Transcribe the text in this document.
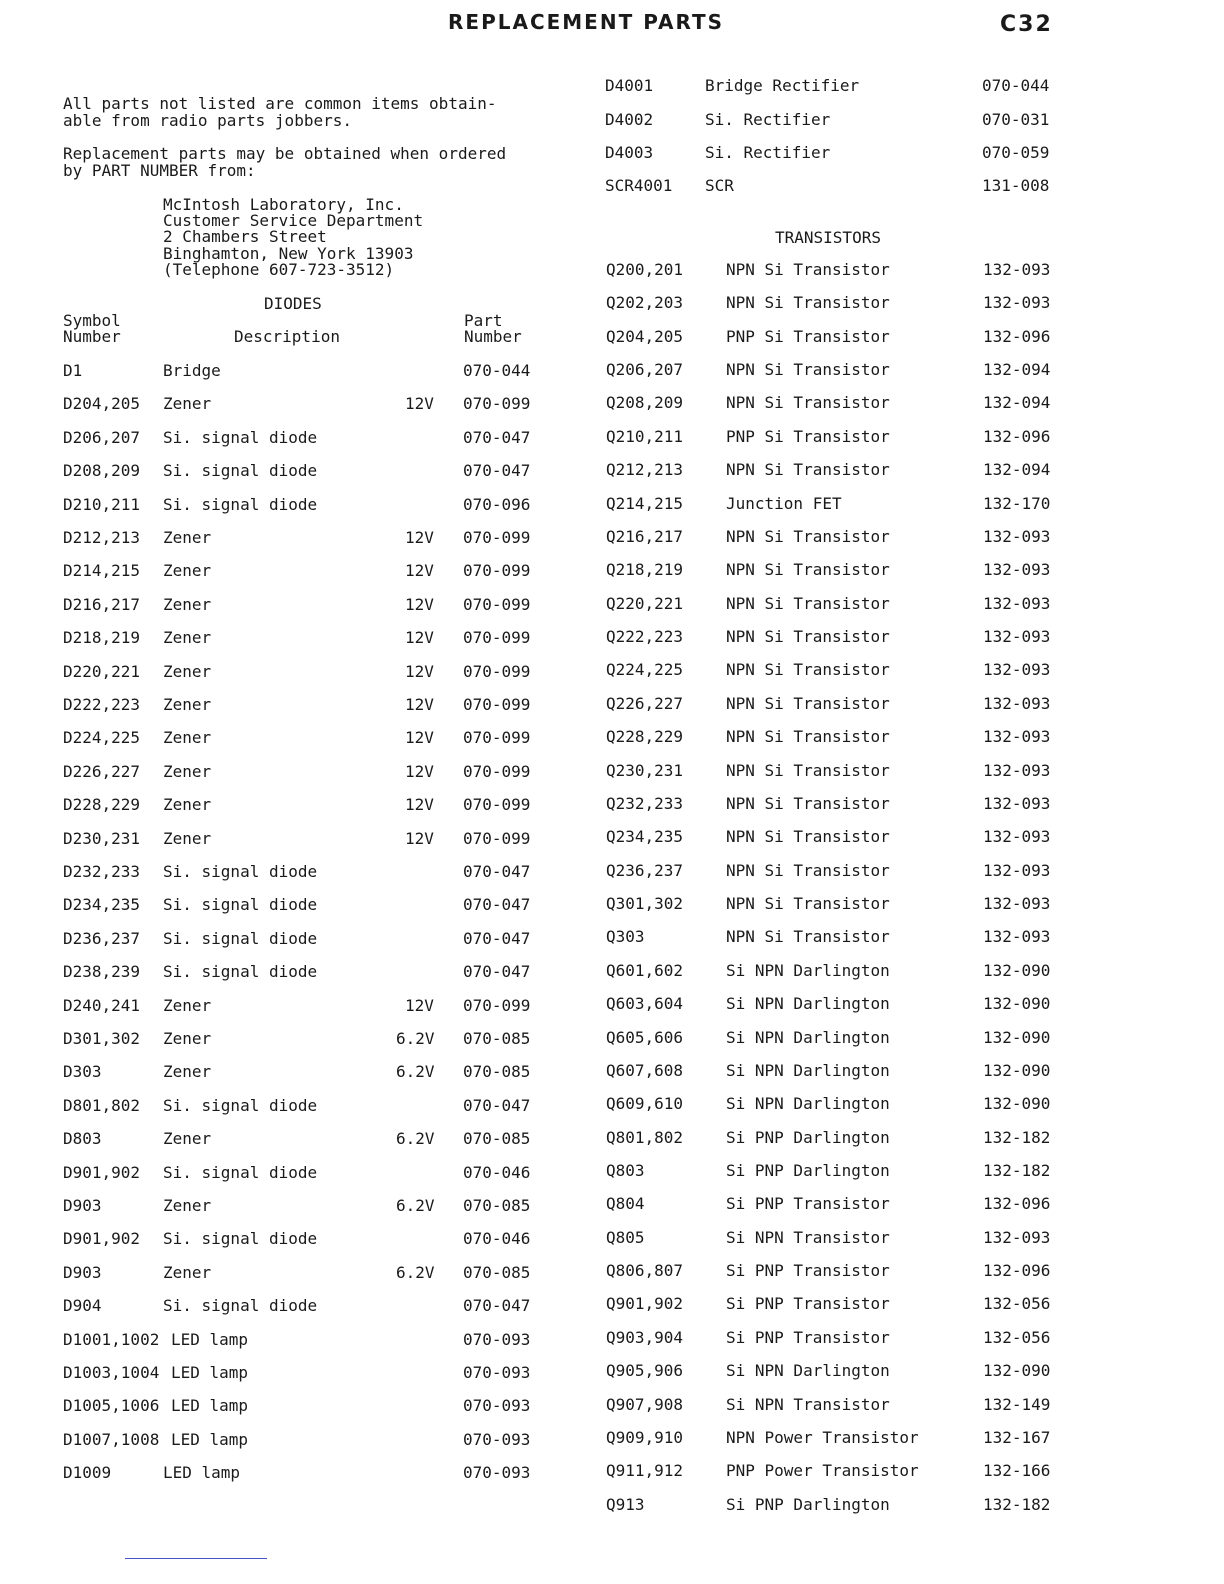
REPLACEMENT PARTS	C32
All parts not listed are common items obtain-
able from radio parts jobbers.
Replacement parts may be obtained when ordered
by PART NUMBER from:
McIntosh Laboratory, Inc.
Customer Service Department
2 Chambers Street
Binghamton, New York 13903
(Telephone 607-723-3512)
DIODES
Symbol
Number	Description
Part
Number
D1	Bridge	070-044
D204,205 Zener	12V 070-099
D206,207 Si. signal diode	070-047
D208,209 Si. signal diode	070-047
D210,211 Si. signal diode	070-096
D212,213 Zener	12V 070-099
D214,215 Zener	12V 070-099
D216,217 Zener	12V 070-099
D218,219 Zener	12V 070-099
D220,221 Zener	12V 070-099
D222,223 Zener	12V 070-099
D224,225 Zener	12V 070-099
D226,227 Zener	12V 070-099
D228,229 Zener	12V 070-099
D230,231 Zener	12V 070-099
D232,233 Si. signal diode	070-047
D234,235 Si. signal diode	070-047
D236,237 Si. signal diode	070-047
D238,239 Si. signal diode	070-047
D240,241 Zener	12V 070-099
D301,302 Zener	6.2V 070-085
D303	Zener	6.2V 070-085
D801,802 Si. signal diode	070-047
D803	Zener	6.2V 070-085
D901,902 Si. signal diode	070-046
D903	Zener	6.2V 070-085
D901,902 Si. signal diode	070-046
D903	Zener	6.2V 070-085
D904	Si. signal diode	070-047
D1001,1002 LED lamp	070-093
D1003,1004 LED lamp	070-093
D1005,1006 LED lamp	070-093
D1007,1008 LED lamp	070-093
D1009	LED lamp	070-093
D4001	Bridge Rectifier	070-044
D4002	Si. Rectifier	070-031
D4003	Si. Rectifier	070-059
SCR4001 SCR	131-008
TRANSISTORS
Q200,201	NPN Si Transistor	132-093
Q202,203	NPN Si Transistor	132-093
Q204,205	PNP Si Transistor	132-096
Q206,207	NPN Si Transistor	132-094
Q208,209	NPN Si Transistor	132-094
Q210,211	PNP Si Transistor	132-096
Q212,213	NPN Si Transistor	132-094
Q214,215	Junction FET	132-170
Q216,217	NPN Si Transistor	132-093
Q218,219	NPN Si Transistor	132-093
Q220,221	NPN Si Transistor	132-093
Q222,223	NPN Si Transistor	132-093
Q224,225	NPN Si Transistor	132-093
Q226,227	NPN Si Transistor	132-093
Q228,229	NPN Si Transistor	132-093
Q230,231	NPN Si Transistor	132-093
Q232,233	NPN Si Transistor	132-093
Q234,235	NPN Si Transistor	132-093
Q236,237	NPN Si Transistor	132-093
Q301,302	NPN Si Transistor	132-093
Q303	NPN Si Transistor	132-093
Q601,602	Si NPN Darlington	132-090
Q603,604	Si NPN Darlington	132-090
Q605,606	Si NPN Darlington	132-090
Q607,608	Si NPN Darlington	132-090
Q609,610	Si NPN Darlington	132-090
Q801,802	Si PNP Darlington	132-182
Q803	Si PNP Darlington	132-182
Q804	Si PNP Transistor	132-096
Q805	Si NPN Transistor	132-093
Q806,807	Si PNP Transistor	132-096
Q901,902	Si PNP Transistor	132-056
Q903,904	Si PNP Transistor	132-056
Q905,906	Si NPN Darlington	132-090
Q907,908	Si NPN Transistor	132-149
Q909,910	NPN Power Transistor	132-167
Q911,912	PNP Power Transistor	132-166
Q913	Si PNP Darlington	132-182
